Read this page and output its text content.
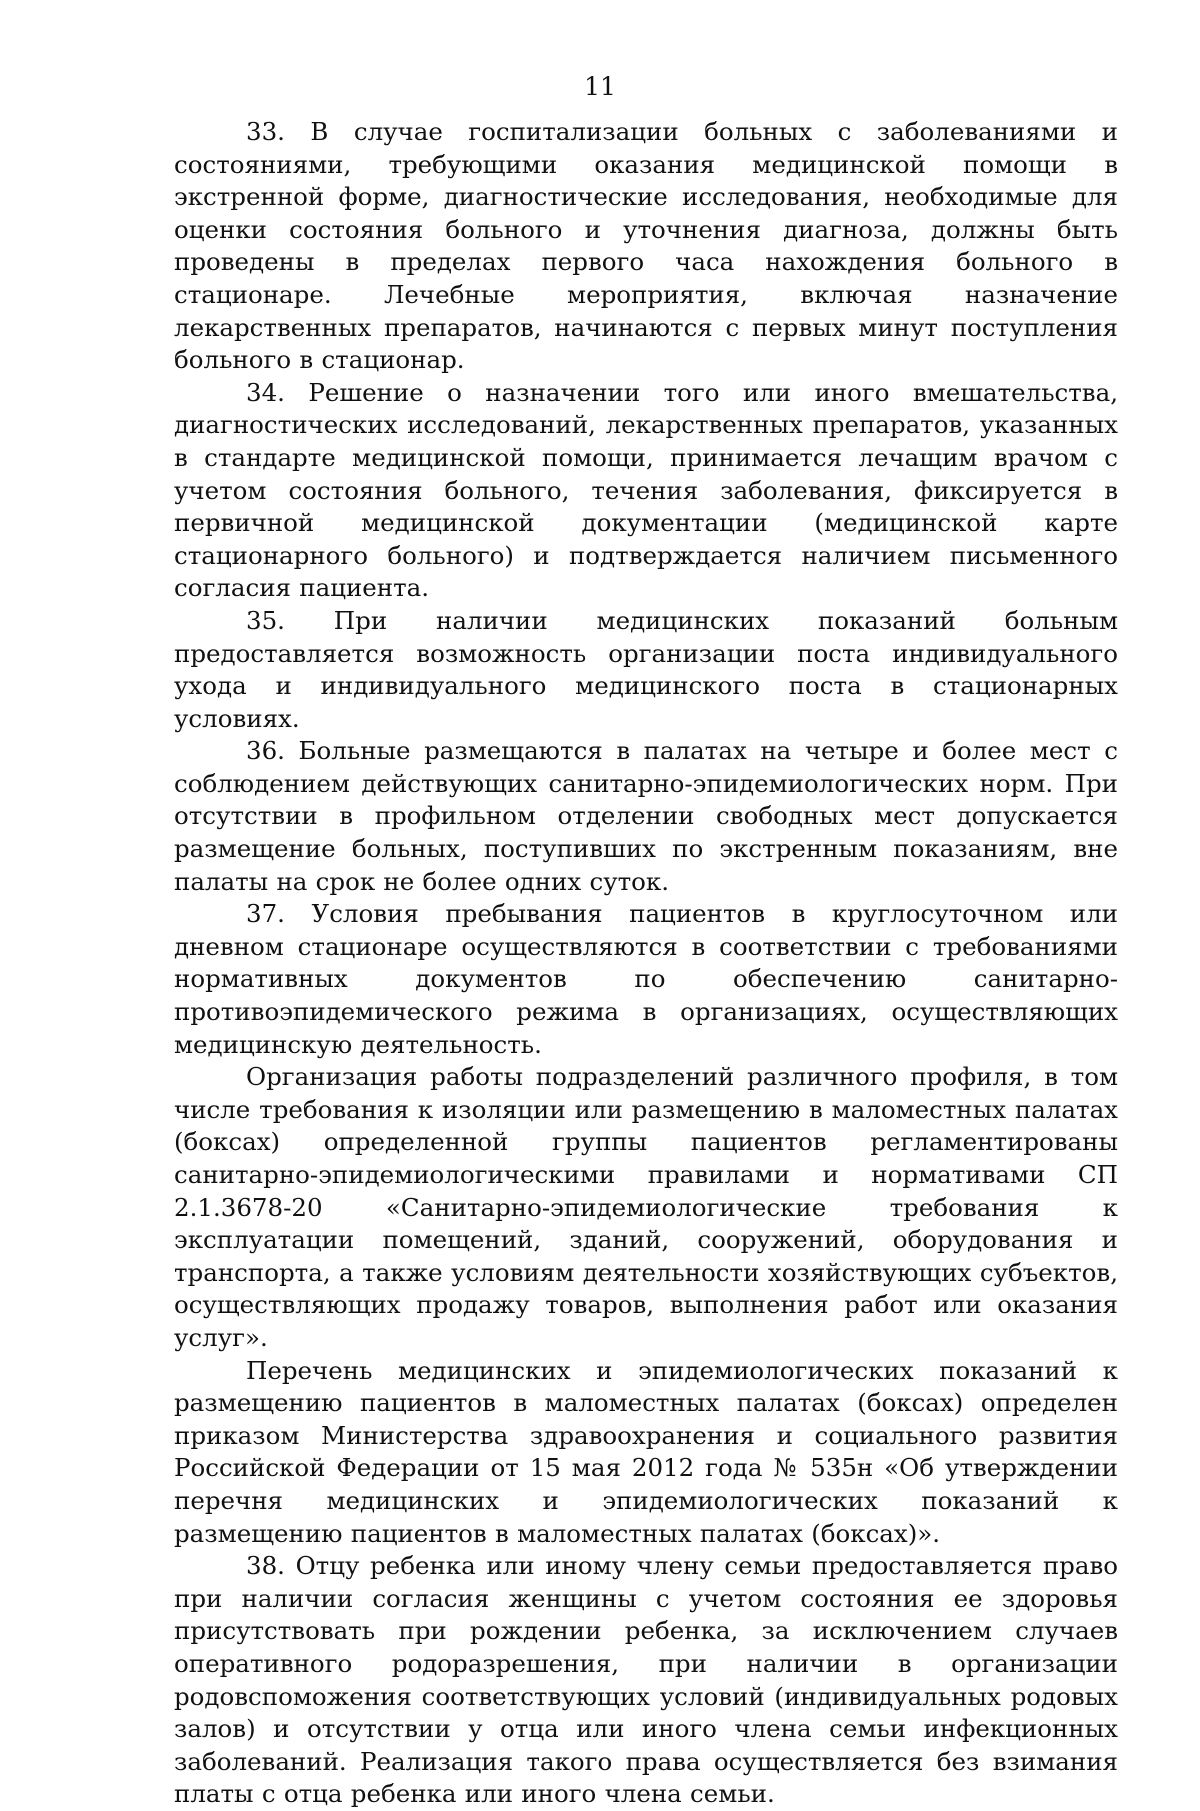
11

33. В случае госпитализации больных с заболеваниями и состояниями, требующими оказания медицинской помощи в экстренной форме, диагностические исследования, необходимые для оценки состояния больного и уточнения диагноза, должны быть проведены в пределах первого часа нахождения больного в стационаре. Лечебные мероприятия, включая назначение лекарственных препаратов, начинаются с первых минут поступления больного в стационар.

34. Решение о назначении того или иного вмешательства, диагностических исследований, лекарственных препаратов, указанных в стандарте медицинской помощи, принимается лечащим врачом с учетом состояния больного, течения заболевания, фиксируется в первичной медицинской документации (медицинской карте стационарного больного) и подтверждается наличием письменного согласия пациента.

35. При наличии медицинских показаний больным предоставляется возможность организации поста индивидуального ухода и индивидуального медицинского поста в стационарных условиях.

36. Больные размещаются в палатах на четыре и более мест с соблюдением действующих санитарно-эпидемиологических норм. При отсутствии в профильном отделении свободных мест допускается размещение больных, поступивших по экстренным показаниям, вне палаты на срок не более одних суток.

37. Условия пребывания пациентов в круглосуточном или дневном стационаре осуществляются в соответствии с требованиями нормативных документов по обеспечению санитарно-противоэпидемического режима в организациях, осуществляющих медицинскую деятельность.

Организация работы подразделений различного профиля, в том числе требования к изоляции или размещению в маломестных палатах (боксах) определенной группы пациентов регламентированы санитарно-эпидемиологическими правилами и нормативами СП 2.1.3678-20 «Санитарно-эпидемиологические требования к эксплуатации помещений, зданий, сооружений, оборудования и транспорта, а также условиям деятельности хозяйствующих субъектов, осуществляющих продажу товаров, выполнения работ или оказания услуг».

Перечень медицинских и эпидемиологических показаний к размещению пациентов в маломестных палатах (боксах) определен приказом Министерства здравоохранения и социального развития Российской Федерации от 15 мая 2012 года № 535н «Об утверждении перечня медицинских и эпидемиологических показаний к размещению пациентов в маломестных палатах (боксах)».

38. Отцу ребенка или иному члену семьи предоставляется право при наличии согласия женщины с учетом состояния ее здоровья присутствовать при рождении ребенка, за исключением случаев оперативного родоразрешения, при наличии в организации родовспоможения соответствующих условий (индивидуальных родовых залов) и отсутствии у отца или иного члена семьи инфекционных заболеваний. Реализация такого права осуществляется без взимания платы с отца ребенка или иного члена семьи.
